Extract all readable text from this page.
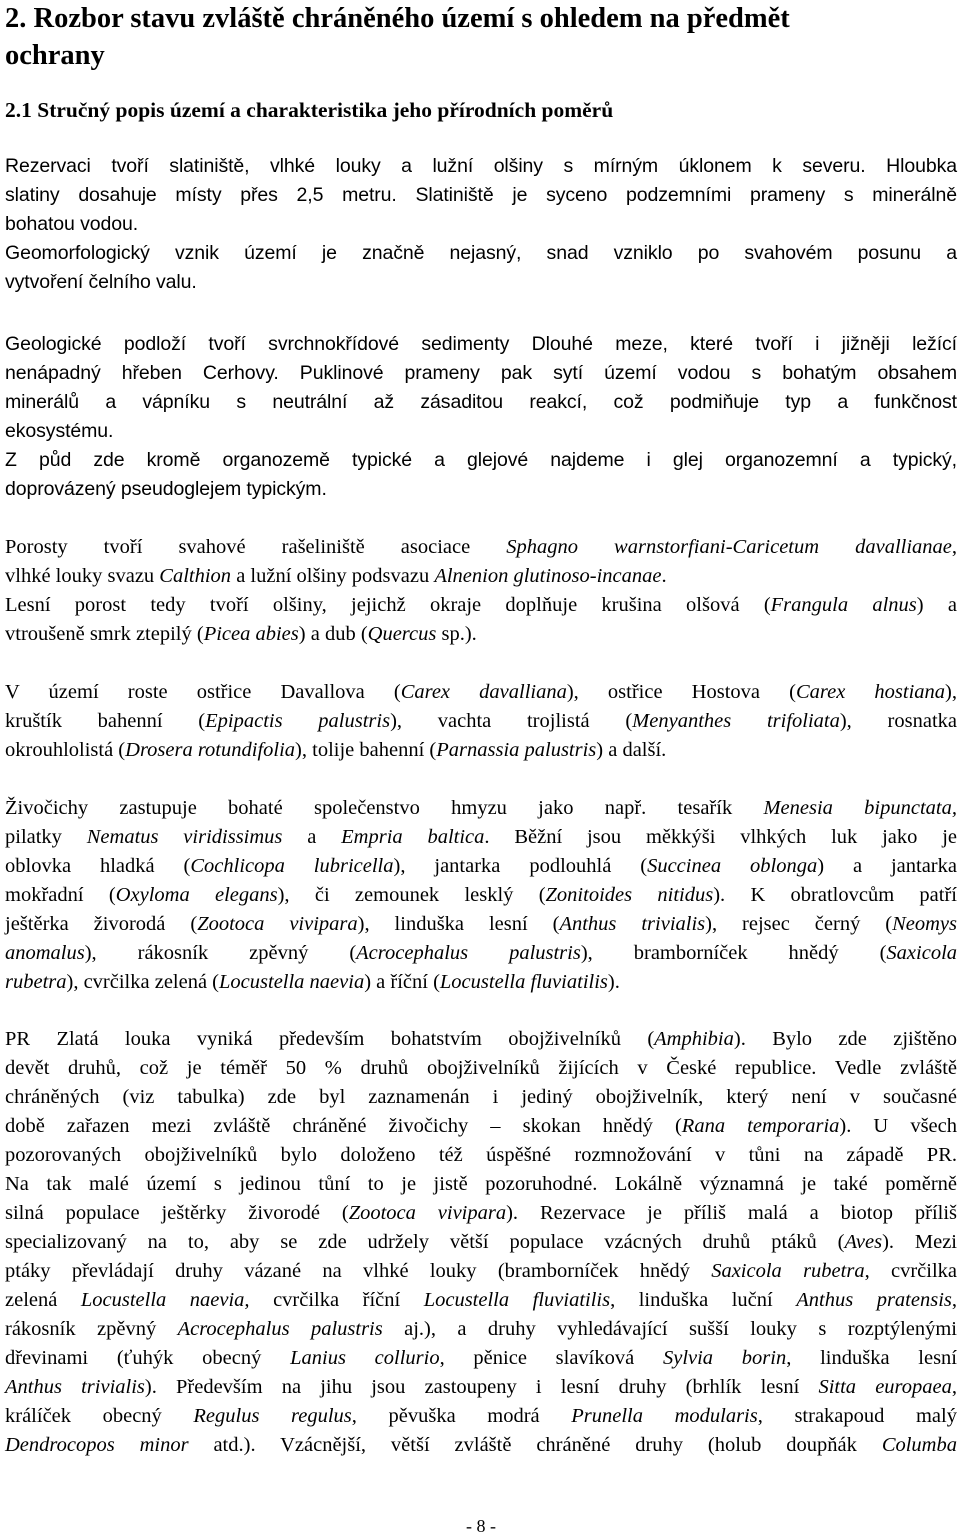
2. Rozbor stavu zvláště chráněného území s ohledem na předmět
ochrany
2.1 Stručný popis území a charakteristika jeho přírodních poměrů
Rezervaci tvoří slatiniště, vlhké louky a lužní olšiny s mírným úklonem k severu. Hloubka
slatiny dosahuje místy přes 2,5 metru. Slatiniště je syceno podzemními prameny s minerálně
bohatou vodou.
Geomorfologický vznik území je značně nejasný, snad vzniklo po svahovém posunu a
vytvoření čelního valu.
Geologické podloží tvoří svrchnokřídové sedimenty Dlouhé meze, které tvoří i jižněji ležící
nenápadný hřeben Cerhovy. Puklinové prameny pak sytí území vodou s bohatým obsahem
minerálů a vápníku s neutrální až zásaditou reakcí, což podmiňuje typ a funkčnost
ekosystému.
Z půd zde kromě organozemě typické a glejové najdeme i glej organozemní a typický,
doprovázený pseudoglejem typickým.
Porosty tvoří svahové rašeliniště asociace Sphagno warnstorfiani-Caricetum davallianae,
vlhké louky svazu Calthion a lužní olšiny podsvazu Alnenion glutinoso-incanae.
Lesní porost tedy tvoří olšiny, jejichž okraje doplňuje krušina olšová (Frangula alnus) a
vtroušeně smrk ztepilý (Picea abies) a dub (Quercus sp.).
V území roste ostřice Davallova (Carex davalliana), ostřice Hostova (Carex hostiana),
kruštík bahenní (Epipactis palustris), vachta trojlistá (Menyanthes trifoliata), rosnatka
okrouhlolistá (Drosera rotundifolia), tolije bahenní (Parnassia palustris) a další.
Živočichy zastupuje bohaté společenstvo hmyzu jako např. tesařík Menesia bipunctata,
pilatky Nematus viridissimus a Empria baltica. Běžní jsou měkkýši vlhkých luk jako je
oblovka hladká (Cochlicopa lubricella), jantarka podlouhlá (Succinea oblonga) a jantarka
mokřadní (Oxyloma elegans), či zemounek lesklý (Zonitoides nitidus). K obratlovcům patří
ještěrka živorodá (Zootoca vivipara), linduška lesní (Anthus trivialis), rejsec černý (Neomys
anomalus), rákosník zpěvný (Acrocephalus palustris), bramborníček hnědý (Saxicola
rubetra), cvrčilka zelená (Locustella naevia) a říční (Locustella fluviatilis).
PR Zlatá louka vyniká především bohatstvím obojživelníků (Amphibia). Bylo zde zjištěno
devět druhů, což je téměř 50 % druhů obojživelníků žijících v České republice. Vedle zvláště
chráněných (viz tabulka) zde byl zaznamenán i jediný obojživelník, který není v současné
době zařazen mezi zvláště chráněné živočichy – skokan hnědý (Rana temporaria). U všech
pozorovaných obojživelníků bylo doloženo též úspěšné rozmnožování v tůni na západě PR.
Na tak malé území s jedinou tůní to je jistě pozoruhodné. Lokálně významná je také poměrně
silná populace ještěrky živorodé (Zootoca vivipara). Rezervace je příliš malá a biotop příliš
specializovaný na to, aby se zde udržely větší populace vzácných druhů ptáků (Aves). Mezi
ptáky převládají druhy vázané na vlhké louky (bramborníček hnědý Saxicola rubetra, cvrčilka
zelená Locustella naevia, cvrčilka říční Locustella fluviatilis, linduška luční Anthus pratensis,
rákosník zpěvný Acrocephalus palustris aj.), a druhy vyhledávající sušší louky s rozptýlenými
dřevinami (ťuhýk obecný Lanius collurio, pěnice slavíková Sylvia borin, linduška lesní
Anthus trivialis). Především na jihu jsou zastoupeny i lesní druhy (brhlík lesní Sitta europaea,
králíček obecný Regulus regulus, pěvuška modrá Prunella modularis, strakapoud malý
Dendrocopos minor atd.). Vzácnější, větší zvláště chráněné druhy (holub doupňák Columba
- 8 -
